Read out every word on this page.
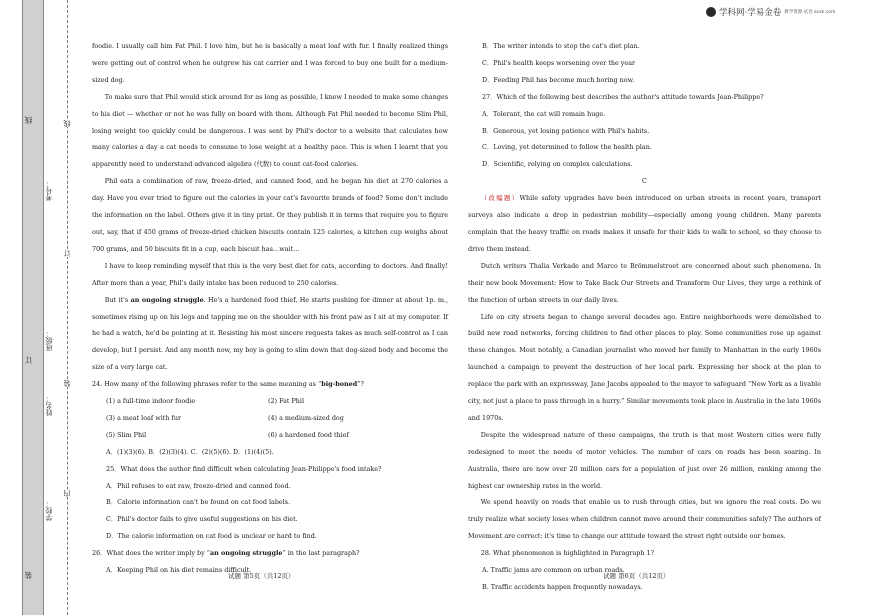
线
订
装
考号：
班级：
姓名：
学校：
线
订
装
内
学科网·学易金卷 教学资源·试卷 zxxk.com

foodie. I usually call him Fat Phil. I love him, but he is basically a meat loaf with fur. I finally realized things were getting out of control when he outgrew his cat carrier and I was forced to buy one built for a medium-sized dog.

To make sure that Phil would stick around for as long as possible, I knew I needed to make some changes to his diet — whether or not he was fully on board with them. Although Fat Phil needed to become Slim Phil, losing weight too quickly could be dangerous. I was sent by Phil's doctor to a website that calculates how many calories a day a cat needs to consume to lose weight at a healthy pace. This is when I learnt that you apparently need to understand advanced algebra (代数) to count cat-food calories.

Phil eats a combination of raw, freeze-dried, and canned food, and he began his diet at 270 calories a day. Have you ever tried to figure out the calories in your cat's favourite brands of food? Some don't include the information on the label. Others give it in tiny print. Or they publish it in terms that require you to figure out, say, that if 450 grams of freeze-dried chicken biscuits contain 125 calories, a kitchen cup weighs about 700 grams, and 50 biscuits fit in a cup, each biscuit has…wait…

I have to keep reminding myself that this is the very best diet for cats, according to doctors. And finally! After more than a year, Phil's daily intake has been reduced to 250 calories.

But it's an ongoing struggle. He's a hardened food thief. He starts pushing for dinner at about 1p. m., sometimes rising up on his legs and tapping me on the shoulder with his front paw as I sit at my computer. If he had a watch, he'd be pointing at it. Resisting his most sincere requests takes as much self-control as I can develop, but I persist. And any month now, my boy is going to slim down that dog-sized body and become the size of a very large cat.

24. How many of the following phrases refer to the same meaning as “big-boned”?

(1) a full-time indoor foodie	(2) Fat Phil
(3) a meat loaf with fur	(4) a medium-sized dog
(5) Slim Phil	(6) a hardened food thief

A．(1)(3)(6). B．(2)(3)(4). C．(2)(5)(6). D．(1)(4)(5).

25．What does the author find difficult when calculating Jean-Philippe's food intake?

A．Phil refuses to eat raw, freeze-dried and canned food.

B．Calorie information can't be found on cat food labels.

C．Phil's doctor fails to give useful suggestions on his diet.

D．The calorie information on cat food is unclear or hard to find.

26．What does the writer imply by “an ongoing struggle” in the last paragraph?

A．Keeping Phil on his diet remains difficult.

B．The writer intends to stop the cat's diet plan.

C．Phil's health keeps worsening over the year

D．Feeding Phil has become much boring now.

27．Which of the following best describes the author's attitude towards Jean-Philippe?

A．Tolerant, the cat will remain huge.

B．Generous, yet losing patience with Phil's habits.

C．Loving, yet determined to follow the health plan.

D．Scientific, relying on complex calculations.

C

（改编题）While safety upgrades have been introduced on urban streets in recent years, transport surveys also indicate a drop in pedestrian mobility—especially among young children. Many parents complain that the heavy traffic on roads makes it unsafe for their kids to walk to school, so they choose to drive them instead.

Dutch writers Thalia Verkade and Marco te Brömmelstroet are concerned about such phenomena. In their new book Movement: How to Take Back Our Streets and Transform Our Lives, they urge a rethink of the function of urban streets in our daily lives.

Life on city streets began to change several decades ago. Entire neighborhoods were demolished to build new road networks, forcing children to find other places to play. Some communities rose up against these changes. Most notably, a Canadian journalist who moved her family to Manhattan in the early 1960s launched a campaign to prevent the destruction of her local park. Expressing her shock at the plan to replace the park with an expressway, Jane Jacobs appealed to the mayor to safeguard “New York as a livable city, not just a place to pass through in a hurry.” Similar movements took place in Australia in the late 1960s and 1970s.

Despite the widespread nature of these campaigns, the truth is that most Western cities were fully redesigned to meet the needs of motor vehicles. The number of cars on roads has been soaring. In Australia, there are now over 20 million cars for a population of just over 26 million, ranking among the highest car ownership rates in the world.

We spend heavily on roads that enable us to rush through cities, but we ignore the real costs. Do we truly realize what society loses when children cannot move around their communities safely? The authors of Movement are correct: it's time to change our attitude toward the street right outside our homes.

28. What phenomenon is highlighted in Paragraph 1?

A. Traffic jams are common on urban roads.

B. Traffic accidents happen frequently nowadays.

试题 第5页（共12页）	试题 第6页（共12页）
